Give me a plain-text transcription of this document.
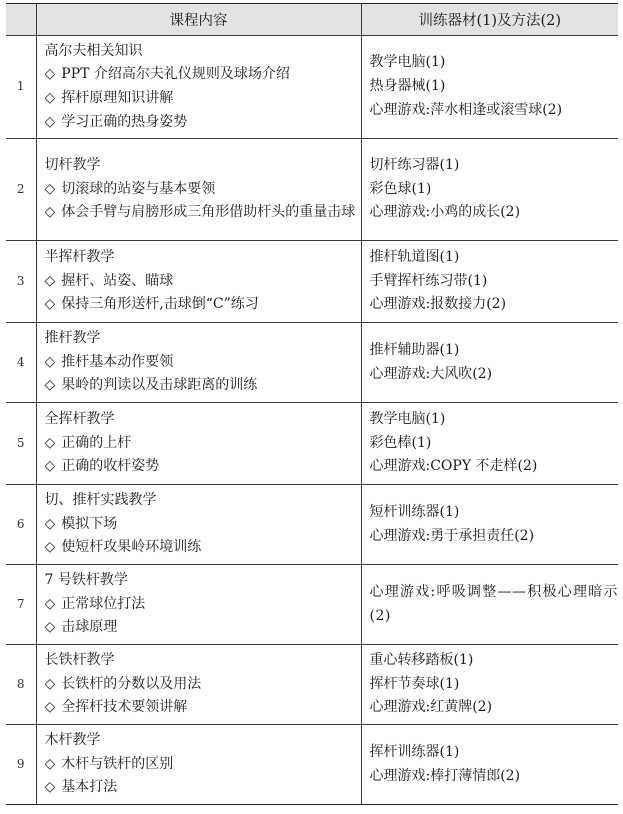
	课程内容	训练器材(1)及方法(2)
1	高尔夫相关知识
◇ PPT 介绍高尔夫礼仪规则及球场介绍
◇ 挥杆原理知识讲解
◇ 学习正确的热身姿势	教学电脑(1)
热身器械(1)
心理游戏:萍水相逢或滚雪球(2)

2	切杆教学
◇ 切滚球的站姿与基本要领
◇ 体会手臂与肩膀形成三角形借助杆头的重量击球	切杆练习器(1)
彩色球(1)
心理游戏:小鸡的成长(2)

3	半挥杆教学
◇ 握杆、站姿、瞄球
◇ 保持三角形送杆,击球倒“C”练习	推杆轨道图(1)
手臂挥杆练习带(1)
心理游戏:报数接力(2)

4	推杆教学
◇ 推杆基本动作要领
◇ 果岭的判读以及击球距离的训练	推杆辅助器(1)
心理游戏:大风吹(2)

5	全挥杆教学
◇ 正确的上杆
◇ 正确的收杆姿势	教学电脑(1)
彩色棒(1)
心理游戏:COPY 不走样(2)

6	切、推杆实践教学
◇ 模拟下场
◇ 使短杆攻果岭环境训练	短杆训练器(1)
心理游戏:勇于承担责任(2)

7	7 号铁杆教学
◇ 正常球位打法
◇ 击球原理	心理游戏:呼吸调整——积极心理暗示(2)

8	长铁杆教学
◇ 长铁杆的分数以及用法
◇ 全挥杆技术要领讲解	重心转移踏板(1)
挥杆节奏球(1)
心理游戏:红黄牌(2)

9	木杆教学
◇ 木杆与铁杆的区别
◇ 基本打法	挥杆训练器(1)
心理游戏:棒打薄情郎(2)
